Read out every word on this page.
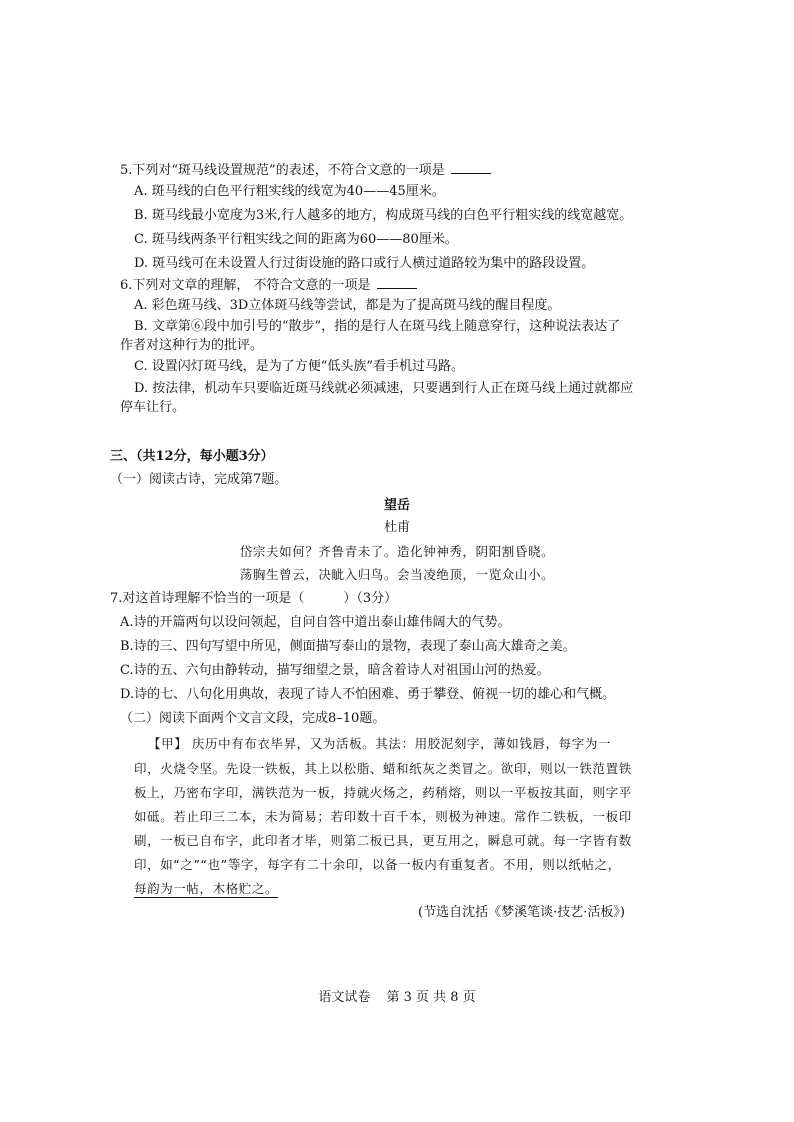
5.下列对“斑马线设置规范”的表述，不符合文意的一项是
A. 斑马线的白色平行粗实线的线宽为40——45厘米。
B. 斑马线最小宽度为3米,行人越多的地方，构成斑马线的白色平行粗实线的线宽越宽。
C. 斑马线两条平行粗实线之间的距离为60——80厘米。
D. 斑马线可在未设置人行过街设施的路口或行人横过道路较为集中的路段设置。
6.下列对文章的理解， 不符合文意的一项是
A. 彩色斑马线、3D立体斑马线等尝试，都是为了提高斑马线的醒目程度。
B. 文章第⑥段中加引号的“散步”，指的是行人在斑马线上随意穿行，这种说法表达了
作者对这种行为的批评。
C. 设置闪灯斑马线，是为了方便“低头族”看手机过马路。
D. 按法律，机动车只要临近斑马线就必须减速，只要遇到行人正在斑马线上通过就都应
停车让行。
三、（共12分，每小题3分）
（一）阅读古诗，完成第7题。
望岳
杜甫
岱宗夫如何？齐鲁青未了。造化钟神秀，阴阳割昏晓。
荡胸生曾云，决眦入归鸟。会当凌绝顶，一览众山小。
7.对这首诗理解不恰当的一项是（　　　）（3分）
A.诗的开篇两句以设问领起，自问自答中道出泰山雄伟阔大的气势。
B.诗的三、四句写望中所见，侧面描写泰山的景物，表现了泰山高大雄奇之美。
C.诗的五、六句由静转动，描写细望之景，暗含着诗人对祖国山河的热爱。
D.诗的七、八句化用典故，表现了诗人不怕困难、勇于攀登、俯视一切的雄心和气概。
（二）阅读下面两个文言文段，完成8–10题。
【甲】 庆历中有布衣毕昇，又为活板。其法：用胶泥刻字，薄如钱唇，每字为一
印，火烧令坚。先设一铁板，其上以松脂、蜡和纸灰之类冒之。欲印，则以一铁范置铁
板上，乃密布字印，满铁范为一板，持就火炀之，药稍熔，则以一平板按其面，则字平
如砥。若止印三二本，未为简易；若印数十百千本，则极为神速。常作二铁板，一板印
刷，一板已自布字，此印者才毕，则第二板已具，更互用之，瞬息可就。每一字皆有数
印，如“之”“也”等字，每字有二十余印，以备一板内有重复者。不用，则以纸帖之，
每韵为一帖，木格贮之。
(节选自沈括《梦溪笔谈·技艺·活板》)
语文试卷 第 3 页 共 8 页
